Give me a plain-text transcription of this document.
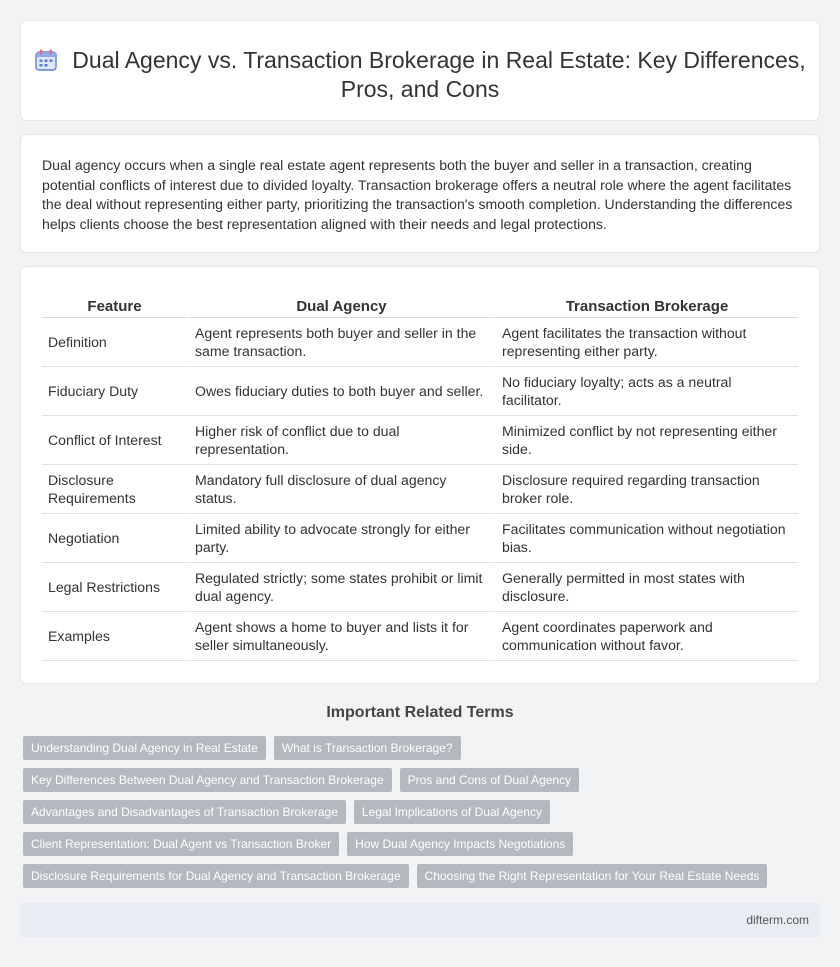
Dual Agency vs. Transaction Brokerage in Real Estate: Key Differences, Pros, and Cons

Dual agency occurs when a single real estate agent represents both the buyer and seller in a transaction, creating potential conflicts of interest due to divided loyalty. Transaction brokerage offers a neutral role where the agent facilitates the deal without representing either party, prioritizing the transaction's smooth completion. Understanding the differences helps clients choose the best representation aligned with their needs and legal protections.

Feature	Dual Agency	Transaction Brokerage
Definition	Agent represents both buyer and seller in the same transaction.	Agent facilitates the transaction without representing either party.
Fiduciary Duty	Owes fiduciary duties to both buyer and seller.	No fiduciary loyalty; acts as a neutral facilitator.
Conflict of Interest	Higher risk of conflict due to dual representation.	Minimized conflict by not representing either side.
Disclosure Requirements	Mandatory full disclosure of dual agency status.	Disclosure required regarding transaction broker role.
Negotiation	Limited ability to advocate strongly for either party.	Facilitates communication without negotiation bias.
Legal Restrictions	Regulated strictly; some states prohibit or limit dual agency.	Generally permitted in most states with disclosure.
Examples	Agent shows a home to buyer and lists it for seller simultaneously.	Agent coordinates paperwork and communication without favor.
Important Related Terms
Understanding Dual Agency in Real Estate	What is Transaction Brokerage?
Key Differences Between Dual Agency and Transaction Brokerage	Pros and Cons of Dual Agency
Advantages and Disadvantages of Transaction Brokerage	Legal Implications of Dual Agency
Client Representation: Dual Agent vs Transaction Broker	How Dual Agency Impacts Negotiations
Disclosure Requirements for Dual Agency and Transaction Brokerage	Choosing the Right Representation for Your Real Estate Needs
difterm.com
